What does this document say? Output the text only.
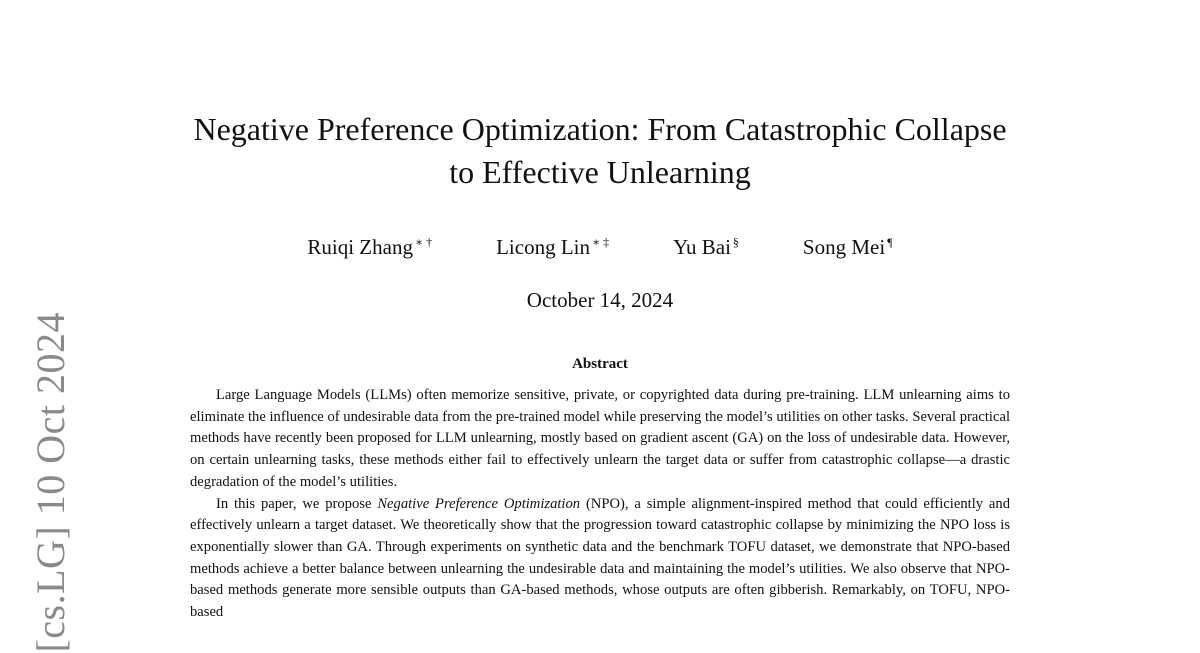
[cs.LG] 10 Oct 2024
Negative Preference Optimization: From Catastrophic Collapse
to Effective Unlearning
Ruiqi Zhang ∗ †	Licong Lin ∗ ‡	Yu Bai §	Song Mei ¶
October 14, 2024
Abstract

Large Language Models (LLMs) often memorize sensitive, private, or copyrighted data during pre-training. LLM unlearning aims to eliminate the influence of undesirable data from the pre-trained model while preserving the model’s utilities on other tasks. Several practical methods have recently been proposed for LLM unlearning, mostly based on gradient ascent (GA) on the loss of undesirable data. However, on certain unlearning tasks, these methods either fail to effectively unlearn the target data or suffer from catastrophic collapse—a drastic degradation of the model’s utilities.

In this paper, we propose Negative Preference Optimization (NPO), a simple alignment-inspired method that could efficiently and effectively unlearn a target dataset. We theoretically show that the progression toward catastrophic collapse by minimizing the NPO loss is exponentially slower than GA. Through experiments on synthetic data and the benchmark TOFU dataset, we demonstrate that NPO-based methods achieve a better balance between unlearning the undesirable data and maintaining the model’s utilities. We also observe that NPO-based methods generate more sensible outputs than GA-based methods, whose outputs are often gibberish. Remarkably, on TOFU, NPO-based
